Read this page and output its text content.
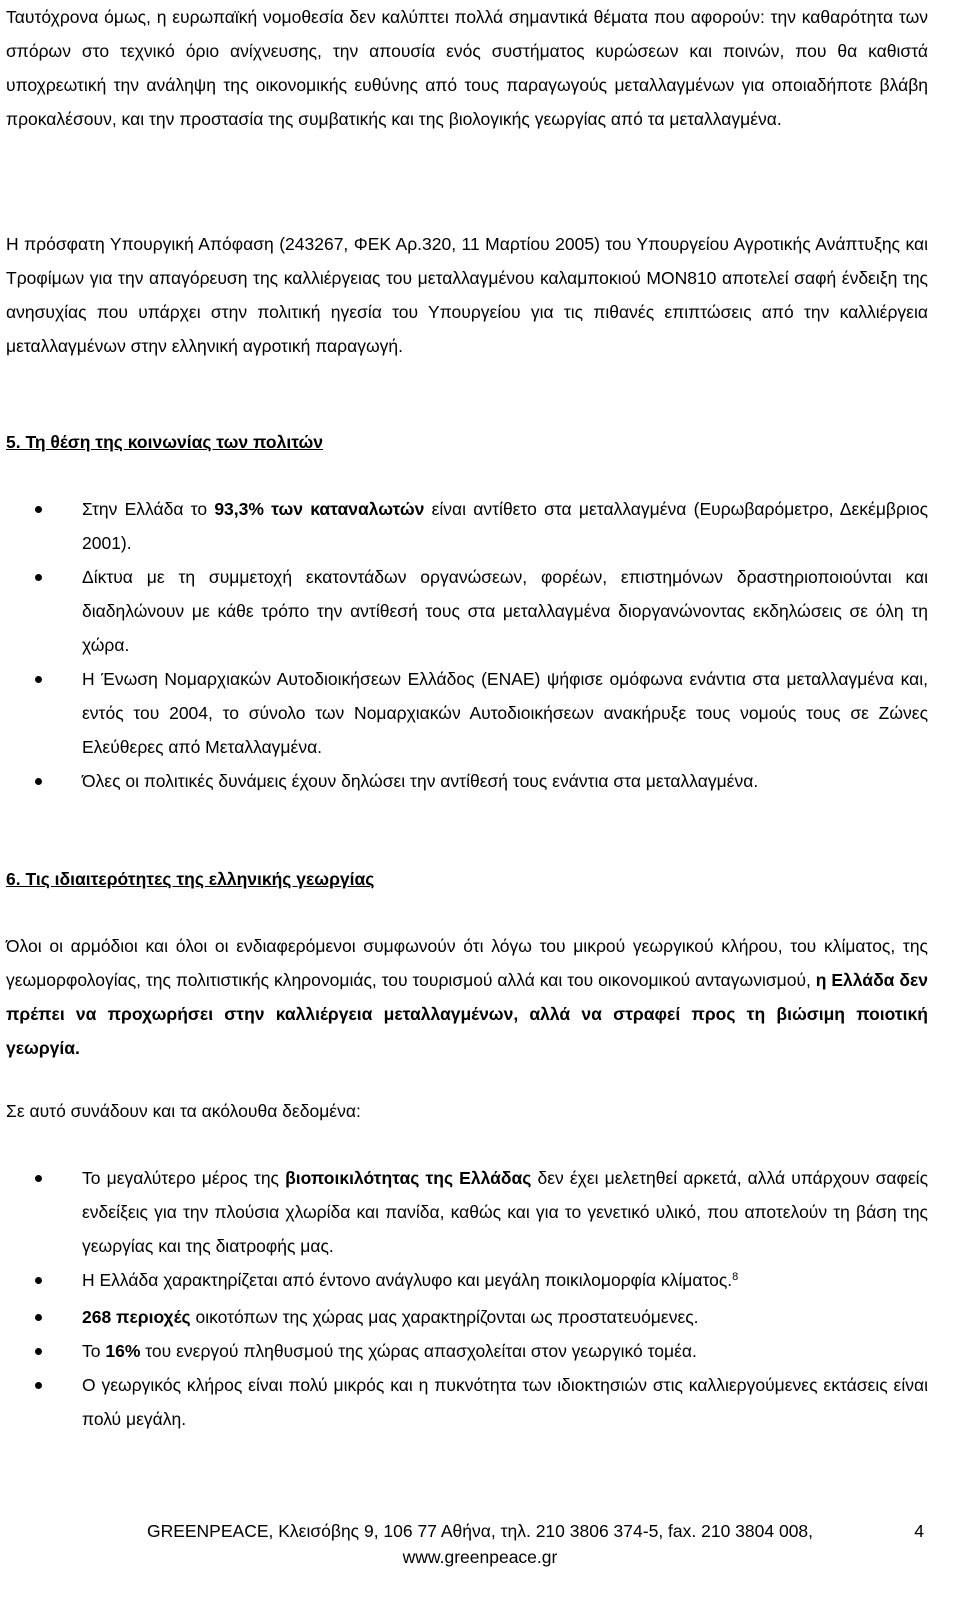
Ταυτόχρονα όμως, η ευρωπαϊκή νομοθεσία δεν καλύπτει πολλά σημαντικά θέματα που αφορούν: την καθαρότητα των σπόρων στο τεχνικό όριο ανίχνευσης, την απουσία ενός συστήματος κυρώσεων και ποινών, που θα καθιστά υποχρεωτική την ανάληψη της οικονομικής ευθύνης από τους παραγωγούς μεταλλαγμένων για οποιαδήποτε βλάβη προκαλέσουν, και την προστασία της συμβατικής και της βιολογικής γεωργίας από τα μεταλλαγμένα.

Η πρόσφατη Υπουργική Απόφαση (243267, ΦΕΚ Αρ.320, 11 Μαρτίου 2005) του Υπουργείου Αγροτικής Ανάπτυξης και Τροφίμων για την απαγόρευση της καλλιέργειας του μεταλλαγμένου καλαμποκιού ΜΟΝ810 αποτελεί σαφή ένδειξη της ανησυχίας που υπάρχει στην πολιτική ηγεσία του Υπουργείου για τις πιθανές επιπτώσεις από την καλλιέργεια μεταλλαγμένων στην ελληνική αγροτική παραγωγή.

5. Τη θέση της κοινωνίας των πολιτών
Στην Ελλάδα το 93,3% των καταναλωτών είναι αντίθετο στα μεταλλαγμένα (Ευρωβαρόμετρο, Δεκέμβριος 2001).
Δίκτυα με τη συμμετοχή εκατοντάδων οργανώσεων, φορέων, επιστημόνων δραστηριοποιούνται και διαδηλώνουν με κάθε τρόπο την αντίθεσή τους στα μεταλλαγμένα διοργανώνοντας εκδηλώσεις σε όλη τη χώρα.
Η Ένωση Νομαρχιακών Αυτοδιοικήσεων Ελλάδος (ΕΝΑΕ) ψήφισε ομόφωνα ενάντια στα μεταλλαγμένα και, εντός του 2004, το σύνολο των Νομαρχιακών Αυτοδιοικήσεων ανακήρυξε τους νομούς τους σε Ζώνες Ελεύθερες από Μεταλλαγμένα.
Όλες οι πολιτικές δυνάμεις έχουν δηλώσει την αντίθεσή τους ενάντια στα μεταλλαγμένα.
6. Τις ιδιαιτερότητες της ελληνικής γεωργίας

Όλοι οι αρμόδιοι και όλοι οι ενδιαφερόμενοι συμφωνούν ότι λόγω του μικρού γεωργικού κλήρου, του κλίματος, της γεωμορφολογίας, της πολιτιστικής κληρονομιάς, του τουρισμού αλλά και του οικονομικού ανταγωνισμού, η Ελλάδα δεν πρέπει να προχωρήσει στην καλλιέργεια μεταλλαγμένων, αλλά να στραφεί προς τη βιώσιμη ποιοτική γεωργία.

Σε αυτό συνάδουν και τα ακόλουθα δεδομένα:

Το μεγαλύτερο μέρος της βιοποικιλότητας της Ελλάδας δεν έχει μελετηθεί αρκετά, αλλά υπάρχουν σαφείς ενδείξεις για την πλούσια χλωρίδα και πανίδα, καθώς και για το γενετικό υλικό, που αποτελούν τη βάση της γεωργίας και της διατροφής μας.
Η Ελλάδα χαρακτηρίζεται από έντονο ανάγλυφο και μεγάλη ποικιλομορφία κλίματος.$^8$
268 περιοχές οικοτόπων της χώρας μας χαρακτηρίζονται ως προστατευόμενες.
Το 16% του ενεργού πληθυσμού της χώρας απασχολείται στον γεωργικό τομέα.
Ο γεωργικός κλήρος είναι πολύ μικρός και η πυκνότητα των ιδιοκτησιών στις καλλιεργούμενες εκτάσεις είναι πολύ μεγάλη.
GREENPEACE, Κλεισόβης 9, 106 77 Αθήνα, τηλ. 210 3806 374-5, fax. 210 3804 008,
www.greenpeace.gr
4
